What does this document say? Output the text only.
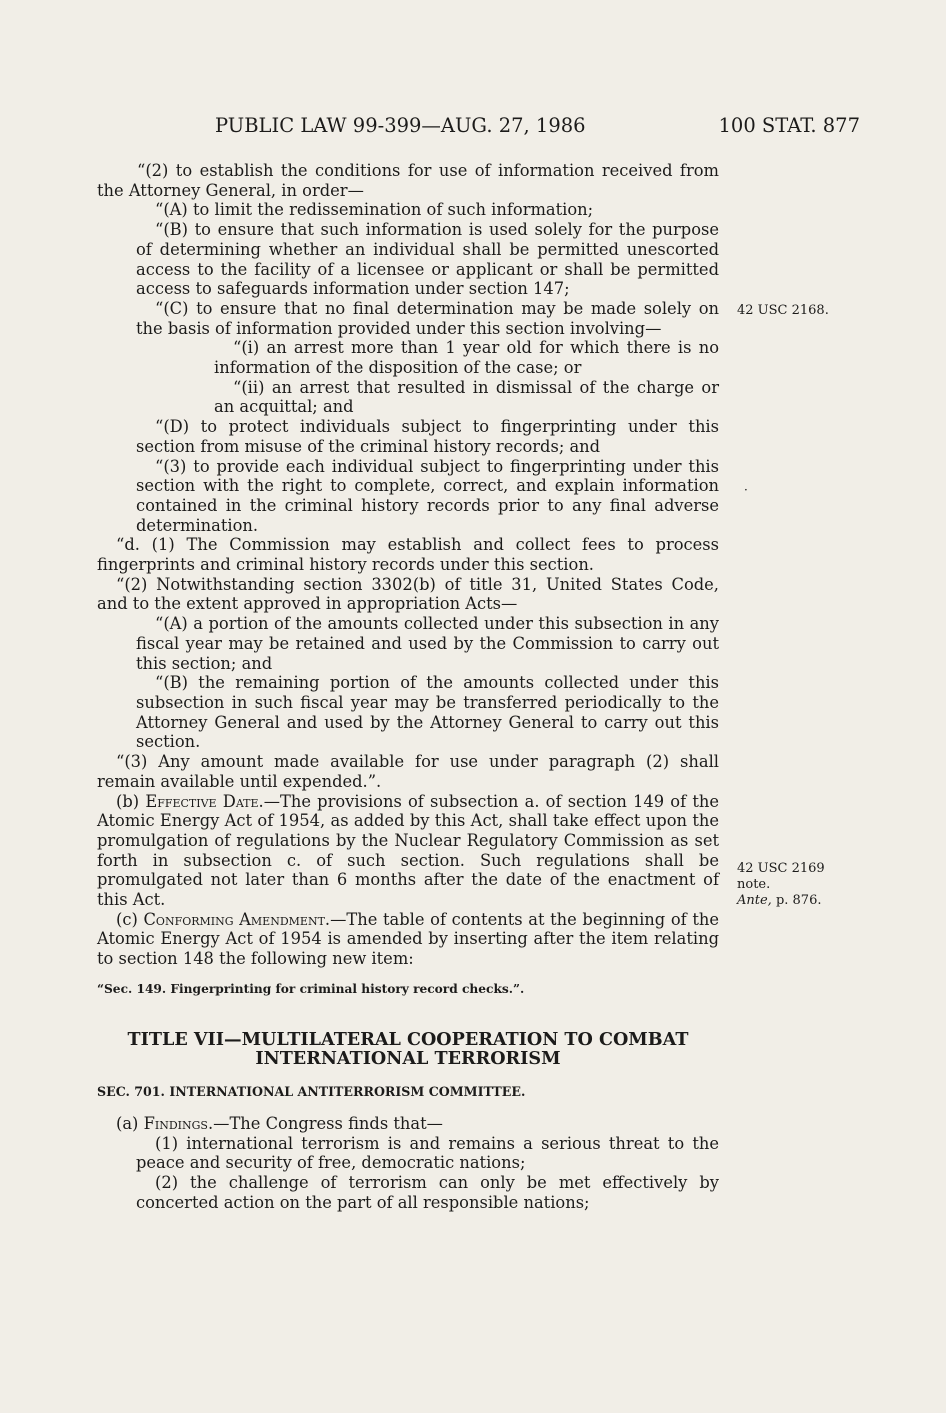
PUBLIC LAW 99-399—AUG. 27, 1986	100 STAT. 877

“(2) to establish the conditions for use of information received from the Attorney General, in order—

“(A) to limit the redissemination of such information;

“(B) to ensure that such information is used solely for the purpose of determining whether an individual shall be permitted unescorted access to the facility of a licensee or applicant or shall be permitted access to safeguards information under section 147;

“(C) to ensure that no final determination may be made solely on the basis of information provided under this section involving—

“(i) an arrest more than 1 year old for which there is no information of the disposition of the case; or

“(ii) an arrest that resulted in dismissal of the charge or an acquittal; and

“(D) to protect individuals subject to fingerprinting under this section from misuse of the criminal history records; and

“(3) to provide each individual subject to fingerprinting under this section with the right to complete, correct, and explain information contained in the criminal history records prior to any final adverse determination.

“d. (1) The Commission may establish and collect fees to process fingerprints and criminal history records under this section.

“(2) Notwithstanding section 3302(b) of title 31, United States Code, and to the extent approved in appropriation Acts—

“(A) a portion of the amounts collected under this subsection in any fiscal year may be retained and used by the Commission to carry out this section; and

“(B) the remaining portion of the amounts collected under this subsection in such fiscal year may be transferred periodically to the Attorney General and used by the Attorney General to carry out this section.

“(3) Any amount made available for use under paragraph (2) shall remain available until expended.”.

(b) Effective Date.—The provisions of subsection a. of section 149 of the Atomic Energy Act of 1954, as added by this Act, shall take effect upon the promulgation of regulations by the Nuclear Regulatory Commission as set forth in subsection c. of such section. Such regulations shall be promulgated not later than 6 months after the date of the enactment of this Act.

(c) Conforming Amendment.—The table of contents at the beginning of the Atomic Energy Act of 1954 is amended by inserting after the item relating to section 148 the following new item:

“Sec. 149. Fingerprinting for criminal history record checks.”.

TITLE VII—MULTILATERAL COOPERATION TO COMBAT
INTERNATIONAL TERRORISM

SEC. 701. INTERNATIONAL ANTITERRORISM COMMITTEE.

(a) Findings.—The Congress finds that—

(1) international terrorism is and remains a serious threat to the peace and security of free, democratic nations;

(2) the challenge of terrorism can only be met effectively by concerted action on the part of all responsible nations;

42 USC 2168.
42 USC 2169
note.
Ante, p. 876.
·
